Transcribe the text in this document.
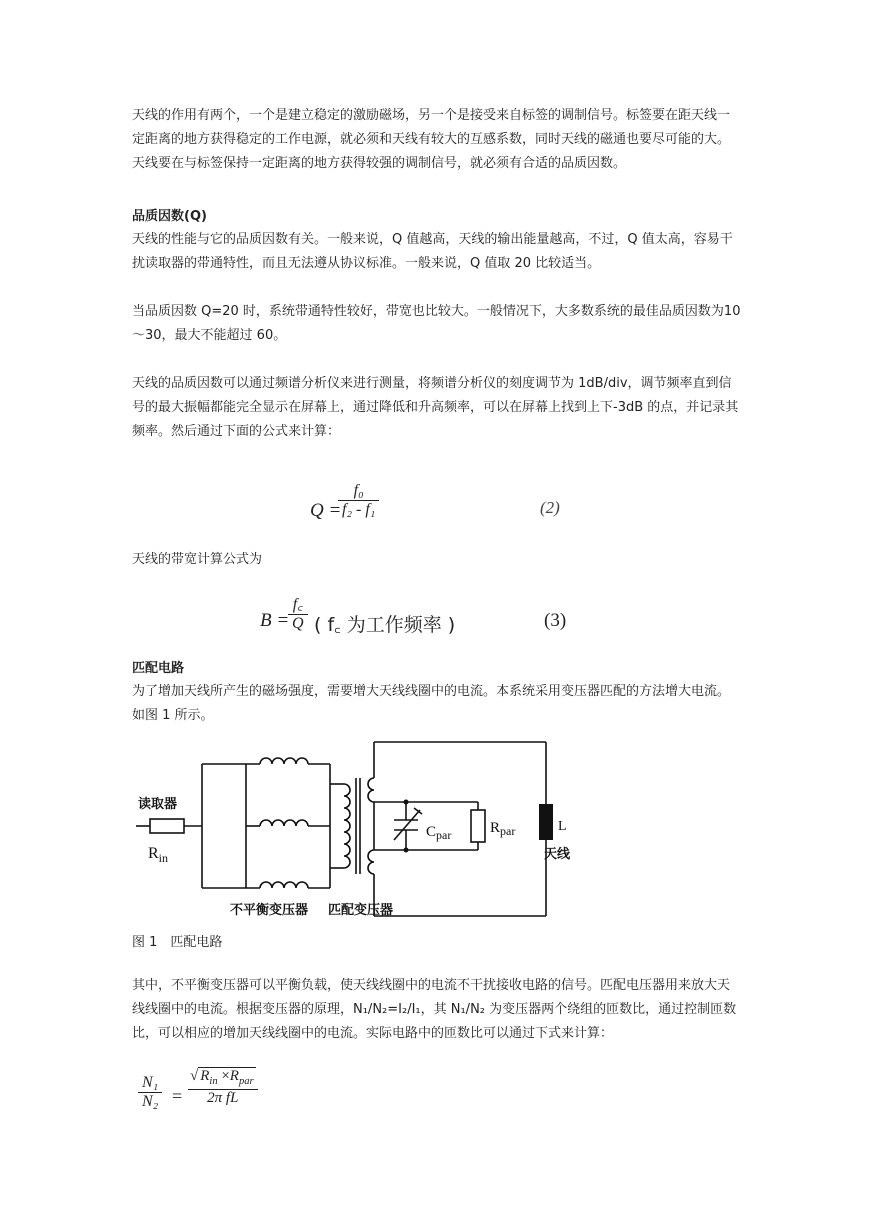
天线的作用有两个，一个是建立稳定的激励磁场，另一个是接受来自标签的调制信号。标签要在距天线一定距离的地方获得稳定的工作电源，就必须和天线有较大的互感系数，同时天线的磁通也要尽可能的大。天线要在与标签保持一定距离的地方获得较强的调制信号，就必须有合适的品质因数。

品质因数(Q)

天线的性能与它的品质因数有关。一般来说，Q 值越高，天线的输出能量越高，不过，Q 值太高，容易干扰读取器的带通特性，而且无法遵从协议标准。一般来说，Q 值取 20 比较适当。

当品质因数 Q=20 时，系统带通特性较好，带宽也比较大。一般情况下，大多数系统的最佳品质因数为10～30，最大不能超过 60。

天线的品质因数可以通过频谱分析仪来进行测量，将频谱分析仪的刻度调节为 1dB/div，调节频率直到信号的最大振幅都能完全显示在屏幕上，通过降低和升高频率，可以在屏幕上找到上下-3dB 的点，并记录其频率。然后通过下面的公式来计算：

Q =
$\frac{\text{f₀}}{\text{f₂ - f₁}}$	(2)

天线的带宽计算公式为

B =
$\frac{f꜀}{Q}$ ( f꜀ 为工作频率 )	(3)
匹配电路

为了增加天线所产生的磁场强度，需要增大天线线圈中的电流。本系统采用变压器匹配的方法增大电流。如图 1 所示。

读取器
$R_{in}$
$C_{par}$	$R_{par}$	L
天线
不平衡变压器 匹配变压器
图 1　匹配电路

其中，不平衡变压器可以平衡负载，使天线线圈中的电流不干扰接收电路的信号。匹配电压器用来放大天线线圈中的电流。根据变压器的原理，N₁/N₂=I₂/I₁，其 N₁/N₂ 为变压器两个绕组的匝数比，通过控制匝数比，可以相应的增加天线线圈中的电流。实际电路中的匝数比可以通过下式来计算：

$\frac{\text{N₁}}{\text{N₂}}$ =
√ $R_{in} \times R_{par}$
2π fL
